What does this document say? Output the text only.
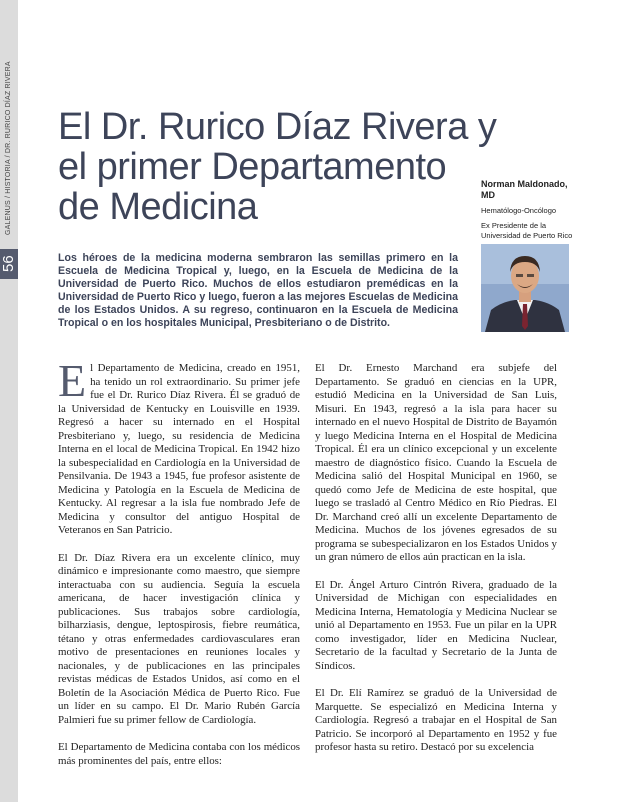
56
GALENUS / HISTORIA / DR. RURICO DÍAZ RIVERA El Dr. Rurico Díaz Rivera y
el primer Departamento
de Medicina

Norman Maldonado,
MD

Hematólogo-Oncólogo

Ex Presidente de la
Universidad de Puerto Rico

Los héroes de la medicina moderna sembraron las semillas primero en la Escuela de Medicina Tropical y, luego, en la Escuela de Medicina de la Universidad de Puerto Rico. Muchos de ellos estudiaron premédicas en la Universidad de Puerto Rico y luego, fueron a las mejores Escuelas de Medicina de los Estados Unidos. A su regreso, continuaron en la Escuela de Medicina Tropical o en los hospitales Municipal, Presbiteriano o de Distrito.

El Departamento de Medicina, creado en 1951, ha tenido un rol extraordinario. Su primer jefe fue el Dr. Rurico Díaz Rivera. Él se graduó de la Universidad de Kentucky en Louisville en 1939. Regresó a hacer su internado en el Hospital Presbiteriano y, luego, su residencia de Medicina Interna en el local de Medicina Tropical. En 1942 hizo la subespecialidad en Cardiología en la Universidad de Pensilvania. De 1943 a 1945, fue profesor asistente de Medicina y Patología en la Escuela de Medicina de Kentucky. Al regresar a la isla fue nombrado Jefe de Medicina y consultor del antiguo Hospital de Veteranos en San Patricio.

El Dr. Díaz Rivera era un excelente clínico, muy dinámico e impresionante como maestro, que siempre interactuaba con su audiencia. Seguía la escuela americana, de hacer investigación clínica y publicaciones. Sus trabajos sobre cardiología, bilharziasis, dengue, leptospirosis, fiebre reumática, tétano y otras enfermedades cardiovasculares eran motivo de presentaciones en reuniones locales y nacionales, y de publicaciones en las principales revistas médicas de Estados Unidos, así como en el Boletín de la Asociación Médica de Puerto Rico. Fue un líder en su campo. El Dr. Mario Rubén García Palmieri fue su primer fellow de Cardiología.

El Departamento de Medicina contaba con los médicos más prominentes del país, entre ellos:

El Dr. Ernesto Marchand era subjefe del Departamento. Se graduó en ciencias en la UPR, estudió Medicina en la Universidad de San Luis, Misuri. En 1943, regresó a la isla para hacer su internado en el nuevo Hospital de Distrito de Bayamón y luego Medicina Interna en el Hospital de Medicina Tropical. Él era un clínico excepcional y un excelente maestro de diagnóstico físico. Cuando la Escuela de Medicina salió del Hospital Municipal en 1960, se quedó como Jefe de Medicina de este hospital, que luego se trasladó al Centro Médico en Río Piedras. El Dr. Marchand creó allí un excelente Departamento de Medicina. Muchos de los jóvenes egresados de su programa se subespecializaron en los Estados Unidos y un gran número de ellos aún practican en la isla.

El Dr. Ángel Arturo Cintrón Rivera, graduado de la Universidad de Michigan con especialidades en Medicina Interna, Hematología y Medicina Nuclear se unió al Departamento en 1953. Fue un pilar en la UPR como investigador, líder en Medicina Nuclear, Secretario de la facultad y Secretario de la Junta de Síndicos.

El Dr. Elí Ramírez se graduó de la Universidad de Marquette. Se especializó en Medicina Interna y Cardiología. Regresó a trabajar en el Hospital de San Patricio. Se incorporó al Departamento en 1952 y fue profesor hasta su retiro. Destacó por su excelencia
